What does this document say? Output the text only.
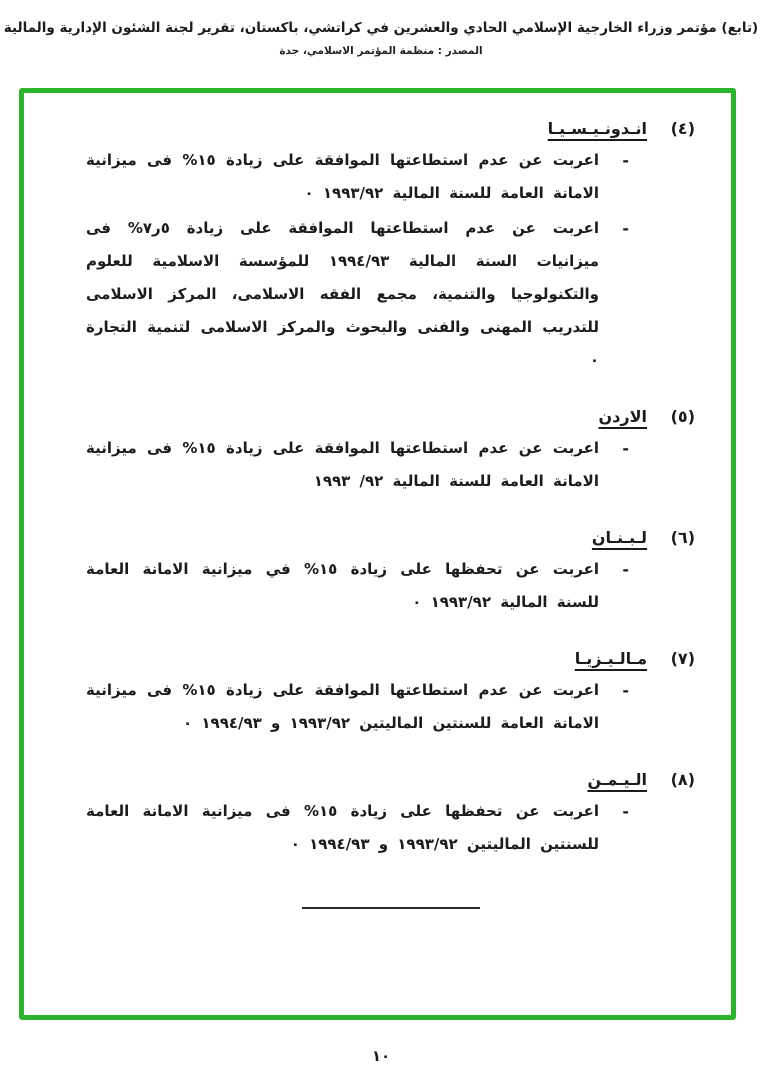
(تابع) مؤتمر وزراء الخارجية الإسلامي الحادي والعشرين في كراتشي، باكستان، تقرير لجنة الشئون الإدارية والمالية
المصدر : منظمة المؤتمر الاسلامي، جدة
(٤) انـدونـيـسـيـا
-

اعربت عن عدم استطاعتها الموافقة على زيادة ١٥% فى ميزانية الامانة العامة للسنة المالية ١٩٩٣/٩٢ ٠

-

اعربت عن عدم استطاعتها الموافقة على زيادة ٥ر٧% فى ميزانيات السنة المالية ١٩٩٤/٩٣ للمؤسسة الاسلامية للعلوم والتكنولوجيا والتنمية، مجمع الفقه الاسلامى، المركز الاسلامى للتدريب المهنى والفنى والبحوث والمركز الاسلامى لتنمية التجارة ٠

(٥) الاردن
-

اعربت عن عدم استطاعتها الموافقة على زيادة ١٥% فى ميزانية الامانة العامة للسنة المالية ٩٢/ ١٩٩٣

(٦) لـبـنـان
-

اعربت عن تحفظها على زيادة ١٥% في ميزانية الامانة العامة للسنة المالية ١٩٩٣/٩٢ ٠

(٧) مـالـيـزيـا
-

اعربت عن عدم استطاعتها الموافقة على زيادة ١٥% فى ميزانية الامانة العامة للسنتين الماليتين ١٩٩٣/٩٢ و ١٩٩٤/٩٣ ٠

(٨) الـيـمـن
-

اعربت عن تحفظها على زيادة ١٥% فى ميزانية الامانة العامة للسنتين الماليتين ١٩٩٣/٩٢ و ١٩٩٤/٩٣ ٠

١٠
